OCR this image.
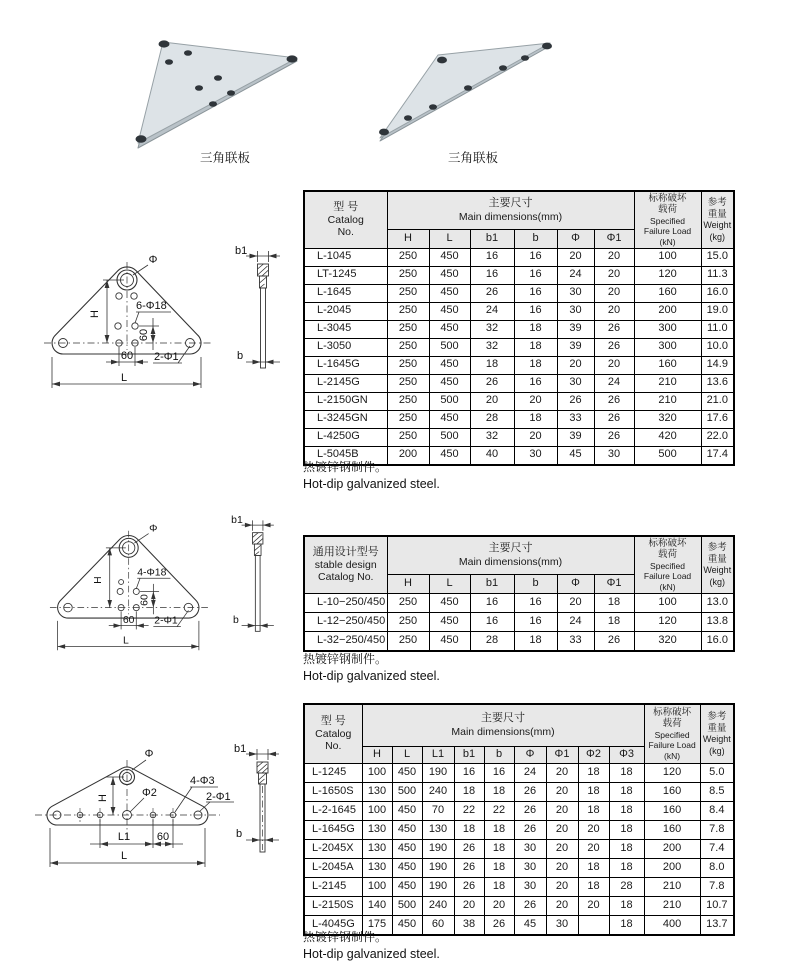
三角联板	三角联板
Φ
H
6-Φ18
60
60 2-Φ1
L
b1
b
型 号
Catalog
No.

主要尺寸
Main dimensions(mm)

标称破坏
载荷
Specified
Failure Load
(kN)

参考
重量
Weight
(kg)

	H	L	b1	b	Φ	Φ1		
L-1045	250	450	16	16	20	20	100	15.0
LT-1245	250	450	16	16	24	20	120	11.3
L-1645	250	450	26	16	30	20	160	16.0
L-2045	250	450	24	16	30	20	200	19.0
L-3045	250	450	32	18	39	26	300	11.0
L-3050	250	500	32	18	39	26	300	10.0
L-1645G	250	450	18	18	20	20	160	14.9
L-2145G	250	450	26	16	30	24	210	13.6
L-2150GN	250	500	20	20	26	26	210	21.0
L-3245GN	250	450	28	18	33	26	320	17.6
L-4250G	250	500	32	20	39	26	420	22.0
L-5045B	200	450	40	30	45	30	500	17.4
热镀锌钢制件。
Hot-dip galvanized steel.
Φ
H
4-Φ18
60
60 2-Φ1
L
b1
b
通用设计型号
stable design
Catalog No.

主要尺寸
Main dimensions(mm)

标称破坏
载荷
Specified
Failure Load
(kN)

参考
重量
Weight
(kg)

	H	L	b1	b	Φ	Φ1		
L-10−250/450	250	450	16	16	20	18	100	13.0
L-12−250/450	250	450	16	16	24	18	120	13.8
L-32−250/450	250	450	28	18	33	26	320	16.0
热镀锌钢制件。
Hot-dip galvanized steel.
Φ
H	Φ2
4-Φ3
2-Φ1
L1 60
L
b1
b
型 号
Catalog
No.

主要尺寸
Main dimensions(mm)

标称破坏
载荷
Specified
Failure Load
(kN)

参考
重量
Weight
(kg)

	H	L	L1	b1	b	Φ	Φ1	Φ2	Φ3		
L-1245	100	450	190	16	16	24	20	18	18	120	5.0
L-1650S	130	500	240	18	18	26	20	18	18	160	8.5
L-2-1645	100	450	70	22	22	26	20	18	18	160	8.4
L-1645G	130	450	130	18	18	26	20	20	18	160	7.8
L-2045X	130	450	190	26	18	30	20	20	18	200	7.4
L-2045A	130	450	190	26	18	30	20	18	18	200	8.0
L-2145	100	450	190	26	18	30	20	18	28	210	7.8
L-2150S	140	500	240	20	20	26	20	20	18	210	10.7
L-4045G	175	450	60	38	26	45	30		18	400	13.7
热镀锌钢制件。
Hot-dip galvanized steel.
